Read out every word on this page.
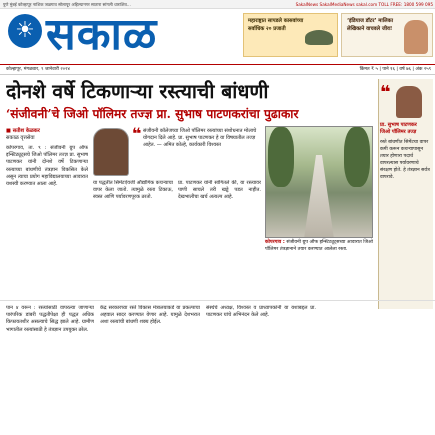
पुणे मुंबई कोल्हापूर नाशिक जळगाव सोलापूर अहिल्यानगर सातारा सांगली धाराशिव...	SakalNews SakalMediaNews sakal.com TOLL FREE: 1800 599 095
☀ सकाळ	महाराष्ट्रात सापडले कासवांच्या सर्वाधिक २० प्रजाती
‘इंडियाज डॉटर’ मालिका लेखिकाने वाचवले जीव!
कोल्हापूर, मंगळवार, ९ जानेवारी २०२४	किंमत ₹ ५ | पाने १६ | वर्ष ७६ | अंक २५९
दोनशे वर्षे टिकणाऱ्या रस्त्याची बांधणी
‘संजीवनी’चे जिओ पॉलिमर तज्ज्ञ प्रा. सुभाष पाटणकरांचा पुढाकार
■ सतीश केळकर
सकाळ वृत्तसेवा	❝ संजीवनी कॉलेजच्या जिओ पॉलिमर रस्त्यांच्या संशोधनात मोलाचे योगदान दिले आहे. प्रा. सुभाष पाटणकर हे या विषयातील तज्ज्ञ आहेत. — अमित कोल्हे, कार्यकारी विश्वस्त
कोपरगाव : संजीवनी ग्रुप ऑफ इन्स्टिट्यूट्सच्या आवारात जिओ पॉलिमर तंत्रज्ञानाने तयार करण्यात आलेला रस्ता.
❝
प्रा. सुभाष पाटणकर
जिओ पॉलिमर तज्ज्ञ
रस्ते बांधणीत सिमेंटचा वापर कमी करून कचऱ्यापासून तयार होणारा पदार्थ वापरल्यास पर्यावरणाचे संरक्षण होते. हे तंत्रज्ञान सर्वत्र वापरावे.
कोपरगाव, ता. ९ : संजीवनी ग्रुप ऑफ इन्स्टिट्यूट्सचे जिओ पॉलिमर तज्ज्ञ प्रा. सुभाष पाटणकर यांनी दोनशे वर्षे टिकणाऱ्या रस्त्याच्या बांधणीचे तंत्रज्ञान विकसित केले असून त्याचा प्रयोग महाविद्यालयाच्या आवारात यशस्वी करण्यात आला आहे.	या पद्धतीत सिमेंटऐवजी औद्योगिक कचऱ्याचा वापर केला जातो. त्यामुळे रस्ता टिकाऊ, स्वस्त आणि पर्यावरणपूरक ठरतो.
प्रा. पाटणकर यांनी सांगितले की, या रस्त्यावर पाणी साचले तरी खड्डे पडत नाहीत. देखभालीचा खर्च अत्यल्प आहे.
पान ४ वरून : रस्त्यांसाठी वापरल्या जाणाऱ्या पारंपरिक डांबरी पद्धतीपेक्षा ही पद्धत अधिक किफायतशीर असल्याचे सिद्ध झाले आहे. ग्रामीण भागातील रस्त्यांसाठी हे तंत्रज्ञान उपयुक्त ठरेल.
केंद्र सरकारच्या रस्ते विकास मंत्रालयाकडे या प्रकल्पाचा अहवाल सादर करण्यात येणार आहे. यामुळे देशभरात अशा रस्त्यांची बांधणी शक्य होईल.
संस्थेचे अध्यक्ष, विश्वस्त व प्राध्यापकांनी या यशाबद्दल प्रा. पाटणकर यांचे अभिनंदन केले आहे.
